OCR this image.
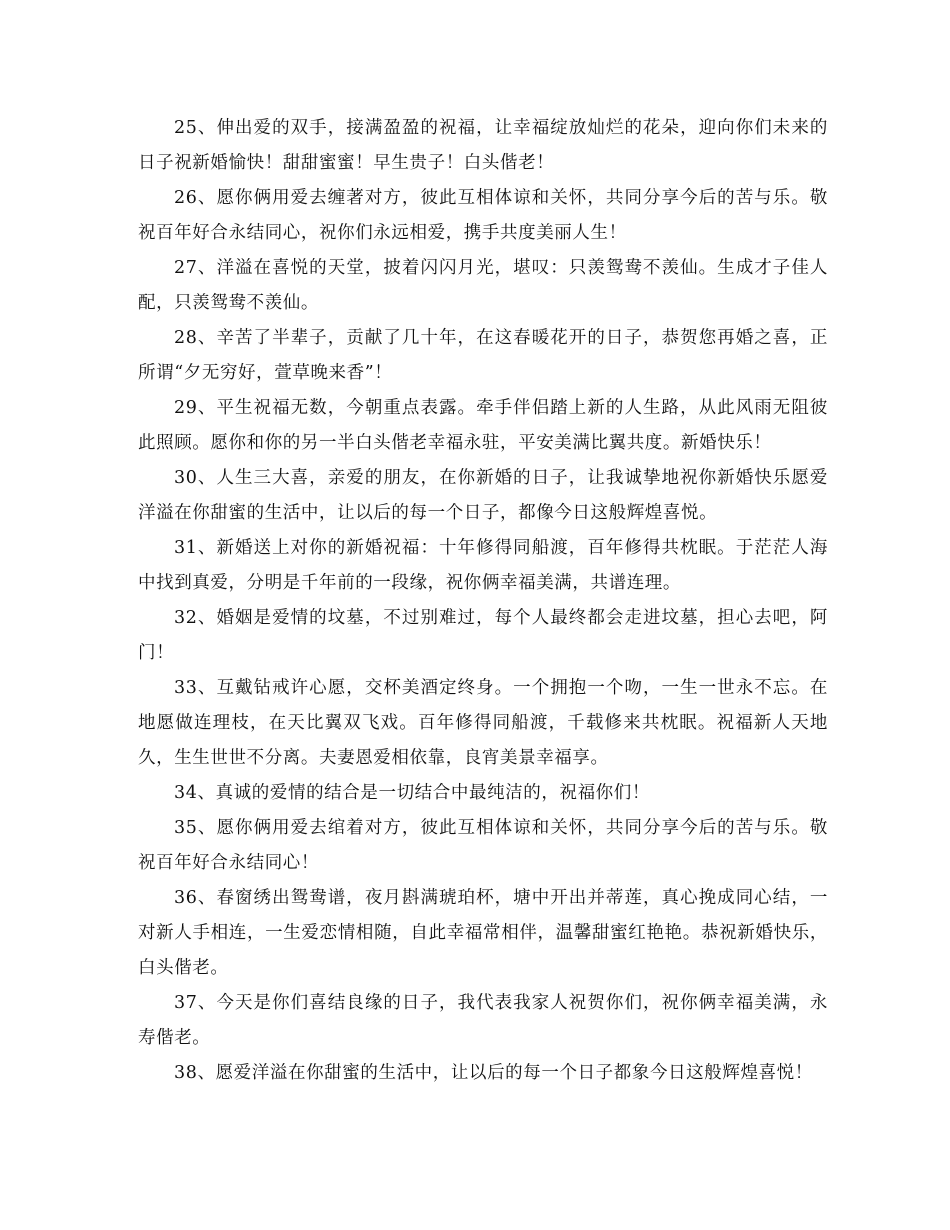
25、伸出爱的双手，接满盈盈的祝福，让幸福绽放灿烂的花朵，迎向你们未来的日子祝新婚愉快！甜甜蜜蜜！早生贵子！白头偕老！

26、愿你俩用爱去缠著对方，彼此互相体谅和关怀，共同分享今后的苦与乐。敬祝百年好合永结同心，祝你们永远相爱，携手共度美丽人生！

27、洋溢在喜悦的天堂，披着闪闪月光，堪叹：只羡鸳鸯不羡仙。生成才子佳人配，只羡鸳鸯不羡仙。

28、辛苦了半辈子，贡献了几十年，在这春暖花开的日子，恭贺您再婚之喜，正所谓“夕无穷好，萱草晚来香”！

29、平生祝福无数，今朝重点表露。牵手伴侣踏上新的人生路，从此风雨无阻彼此照顾。愿你和你的另一半白头偕老幸福永驻，平安美满比翼共度。新婚快乐！

30、人生三大喜，亲爱的朋友，在你新婚的日子，让我诚挚地祝你新婚快乐愿爱洋溢在你甜蜜的生活中，让以后的每一个日子，都像今日这般辉煌喜悦。

31、新婚送上对你的新婚祝福：十年修得同船渡，百年修得共枕眠。于茫茫人海中找到真爱，分明是千年前的一段缘，祝你俩幸福美满，共谱连理。

32、婚姻是爱情的坟墓，不过别难过，每个人最终都会走进坟墓，担心去吧，阿门！

33、互戴钻戒许心愿，交杯美酒定终身。一个拥抱一个吻，一生一世永不忘。在地愿做连理枝，在天比翼双飞戏。百年修得同船渡，千载修来共枕眠。祝福新人天地久，生生世世不分离。夫妻恩爱相依靠，良宵美景幸福享。

34、真诚的爱情的结合是一切结合中最纯洁的，祝福你们！

35、愿你俩用爱去绾着对方，彼此互相体谅和关怀，共同分享今后的苦与乐。敬祝百年好合永结同心！

36、春窗绣出鸳鸯谱，夜月斟满琥珀杯，塘中开出并蒂莲，真心挽成同心结，一对新人手相连，一生爱恋情相随，自此幸福常相伴，温馨甜蜜红艳艳。恭祝新婚快乐，白头偕老。

37、今天是你们喜结良缘的日子，我代表我家人祝贺你们，祝你俩幸福美满，永寿偕老。

38、愿爱洋溢在你甜蜜的生活中，让以后的每一个日子都象今日这般辉煌喜悦！
